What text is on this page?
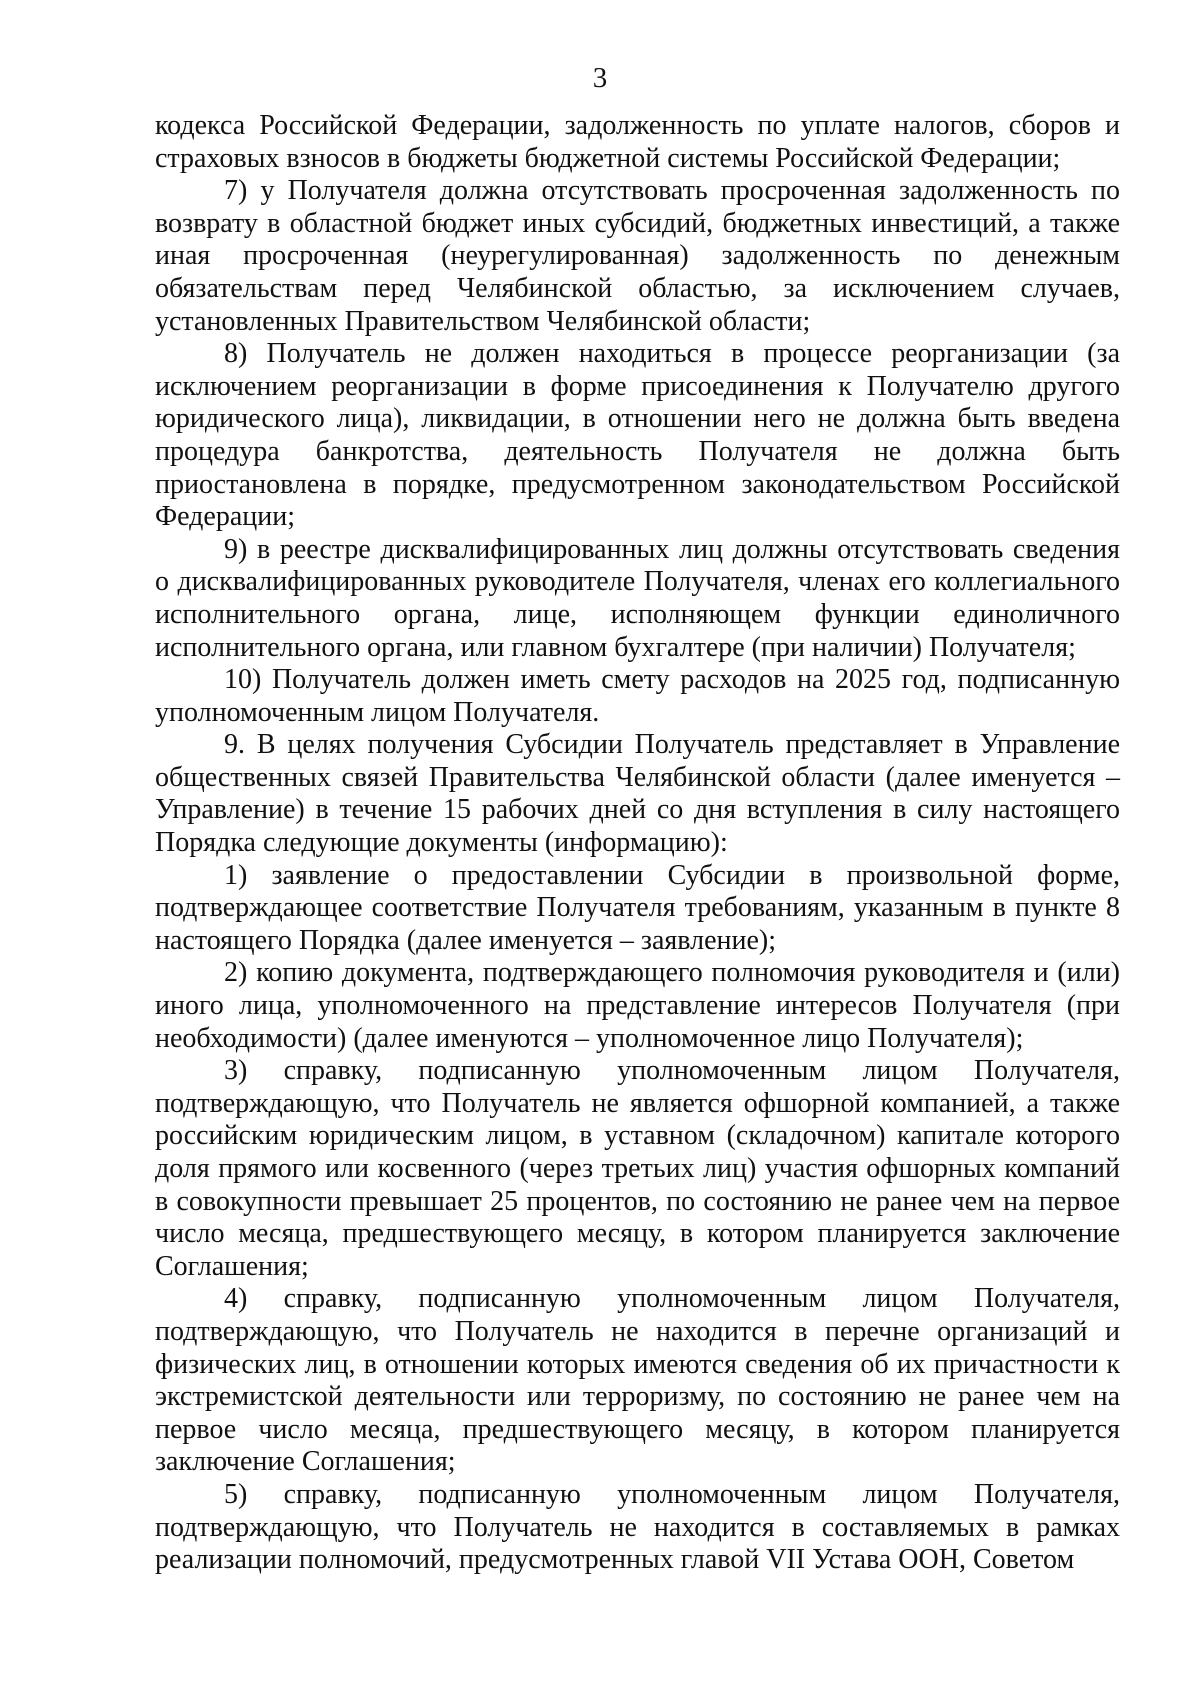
3

кодекса Российской Федерации, задолженность по уплате налогов, сборов и страховых взносов в бюджеты бюджетной системы Российской Федерации;

7) у Получателя должна отсутствовать просроченная задолженность по возврату в областной бюджет иных субсидий, бюджетных инвестиций, а также иная просроченная (неурегулированная) задолженность по денежным обязательствам перед Челябинской областью, за исключением случаев, установленных Правительством Челябинской области;

8) Получатель не должен находиться в процессе реорганизации (за исключением реорганизации в форме присоединения к Получателю другого юридического лица), ликвидации, в отношении него не должна быть введена процедура банкротства, деятельность Получателя не должна быть приостановлена в порядке, предусмотренном законодательством Российской Федерации;

9) в реестре дисквалифицированных лиц должны отсутствовать сведения о дисквалифицированных руководителе Получателя, членах его коллегиального исполнительного органа, лице, исполняющем функции единоличного исполнительного органа, или главном бухгалтере (при наличии) Получателя;

10) Получатель должен иметь смету расходов на 2025 год, подписанную уполномоченным лицом Получателя.

9. В целях получения Субсидии Получатель представляет в Управление общественных связей Правительства Челябинской области (далее именуется – Управление) в течение 15 рабочих дней со дня вступления в силу настоящего Порядка следующие документы (информацию):

1) заявление о предоставлении Субсидии в произвольной форме, подтверждающее соответствие Получателя требованиям, указанным в пункте 8 настоящего Порядка (далее именуется – заявление);

2) копию документа, подтверждающего полномочия руководителя и (или) иного лица, уполномоченного на представление интересов Получателя (при необходимости) (далее именуются – уполномоченное лицо Получателя);

3) справку, подписанную уполномоченным лицом Получателя, подтверждающую, что Получатель не является офшорной компанией, а также российским юридическим лицом, в уставном (складочном) капитале которого доля прямого или косвенного (через третьих лиц) участия офшорных компаний в совокупности превышает 25 процентов, по состоянию не ранее чем на первое число месяца, предшествующего месяцу, в котором планируется заключение Соглашения;

4) справку, подписанную уполномоченным лицом Получателя, подтверждающую, что Получатель не находится в перечне организаций и физических лиц, в отношении которых имеются сведения об их причастности к экстремистской деятельности или терроризму, по состоянию не ранее чем на первое число месяца, предшествующего месяцу, в котором планируется заключение Соглашения;

5) справку, подписанную уполномоченным лицом Получателя, подтверждающую, что Получатель не находится в составляемых в рамках реализации полномочий, предусмотренных главой VII Устава ООН, Советом
